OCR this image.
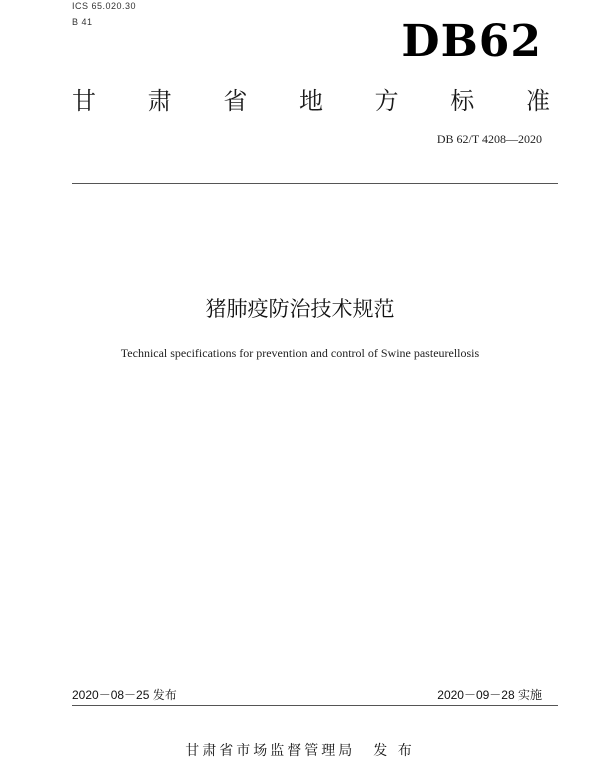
ICS 65.020.30
B 41	DB62
甘 肃 省 地 方 标 准
DB 62/T 4208—2020
猪肺疫防治技术规范
Technical specifications for prevention and control of Swine pasteurellosis
2020－08－25 发布	2020－09－28 实施
甘肃省市场监督管理局 发 布
